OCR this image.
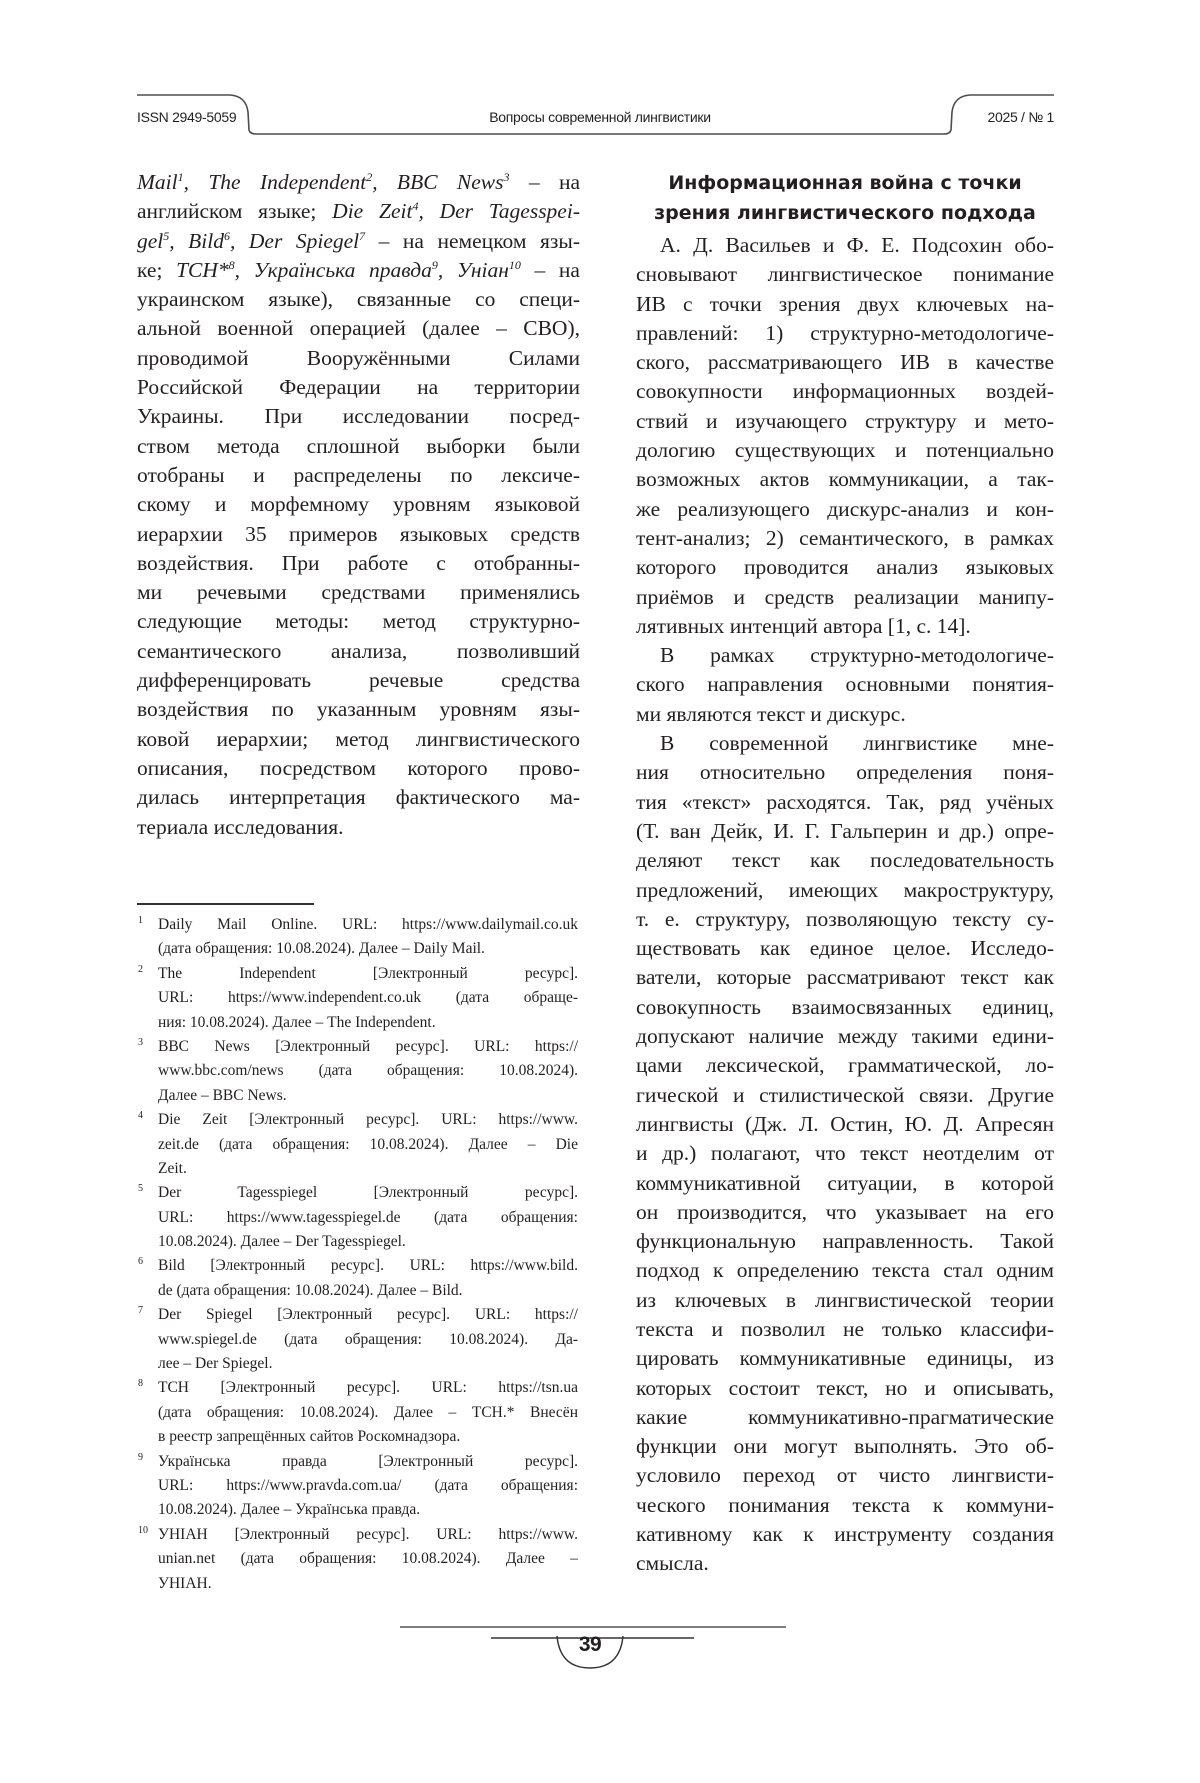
ISSN 2949-5059	Вопросы современной лингвистики	2025 / № 1
Mail1, The Independent2, BBC News3 – на
английском языке; Die Zeit4, Der Tagesspei-
gel5, Bild6, Der Spiegel7 – на немецком язы-
ке; ТСН*8, Українська правда9, Уніан10 – на
украинском языке), связанные со специ-
альной военной операцией (далее – СВО),
проводимой Вооружёнными Силами
Российской Федерации на территории
Украины. При исследовании посред-
ством метода сплошной выборки были
отобраны и распределены по лексиче-
скому и морфемному уровням языковой
иерархии 35 примеров языковых средств
воздействия. При работе с отобранны-
ми речевыми средствами применялись
следующие методы: метод структурно-
семантического анализа, позволивший
дифференцировать речевые средства
воздействия по указанным уровням язы-
ковой иерархии; метод лингвистического
описания, посредством которого прово-
дилась интерпретация фактического ма-
териала исследования.
Информационная война с точки
зрения лингвистического подхода
А. Д. Васильев и Ф. Е. Подсохин обо-
сновывают лингвистическое понимание
ИВ с точки зрения двух ключевых на-
правлений: 1) структурно-методологиче-
ского, рассматривающего ИВ в качестве
совокупности информационных воздей-
ствий и изучающего структуру и мето-
дологию существующих и потенциально
возможных актов коммуникации, а так-
же реализующего дискурс-анализ и кон-
тент-анализ; 2) семантического, в рамках
которого проводится анализ языковых
приёмов и средств реализации манипу-
лятивных интенций автора [1, с. 14].
В рамках структурно-методологиче-
ского направления основными понятия-
ми являются текст и дискурс.
В современной лингвистике мне-
ния относительно определения поня-
тия «текст» расходятся. Так, ряд учёных
(Т. ван Дейк, И. Г. Гальперин и др.) опре-
деляют текст как последовательность
предложений, имеющих макроструктуру,
т. е. структуру, позволяющую тексту су-
ществовать как единое целое. Исследо-
ватели, которые рассматривают текст как
совокупность взаимосвязанных единиц,
допускают наличие между такими едини-
цами лексической, грамматической, ло-
гической и стилистической связи. Другие
лингвисты (Дж. Л. Остин, Ю. Д. Апресян
и др.) полагают, что текст неотделим от
коммуникативной ситуации, в которой
он производится, что указывает на его
функциональную направленность. Такой
подход к определению текста стал одним
из ключевых в лингвистической теории
текста и позволил не только классифи-
цировать коммуникативные единицы, из
которых состоит текст, но и описывать,
какие коммуникативно-прагматические
функции они могут выполнять. Это об-
условило переход от чисто лингвисти-
ческого понимания текста к коммуни-
кативному как к инструменту создания
смысла.
1 Daily Mail Online. URL: https://www.dailymail.co.uk
(дата обращения: 10.08.2024). Далее – Daily Mail.
2 The Independent [Электронный ресурс].
URL: https://www.independent.co.uk (дата обраще-
ния: 10.08.2024). Далее – The Independent.
3 BBC News [Электронный ресурс]. URL: https://
www.bbc.com/news (дата обращения: 10.08.2024).
Далее – BBC News.
4 Die Zeit [Электронный ресурс]. URL: https://www.
zeit.de (дата обращения: 10.08.2024). Далее – Die
Zeit.
5 Der Tagesspiegel [Электронный ресурс].
URL: https://www.tagesspiegel.de (дата обращения:
10.08.2024). Далее – Der Tagesspiegel.
6 Bild [Электронный ресурс]. URL: https://www.bild.
de (дата обращения: 10.08.2024). Далее – Bild.
7 Der Spiegel [Электронный ресурс]. URL: https://
www.spiegel.de (дата обращения: 10.08.2024). Да-
лее – Der Spiegel.
8 ТСН [Электронный ресурс]. URL: https://tsn.ua
(дата обращения: 10.08.2024). Далее – ТСН.* Внесён
в реестр запрещённых сайтов Роскомнадзора.
9 Українська правда [Электронный ресурс].
URL: https://www.pravda.com.ua/ (дата обращения:
10.08.2024). Далее – Українська правда.
10 УНІАН [Электронный ресурс]. URL: https://www.
unian.net (дата обращения: 10.08.2024). Далее –
УНІАН.
39
